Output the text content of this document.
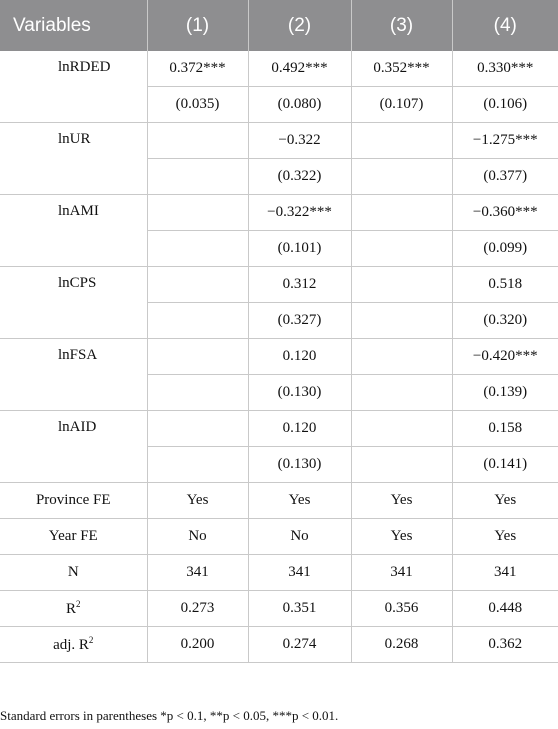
Variables	(1)	(2)	(3)	(4)
lnRDED	0.372***	0.492***	0.352***	0.330***
	(0.035)	(0.080)	(0.107)	(0.106)
lnUR		−0.322		−1.275***
		(0.322)		(0.377)
lnAMI		−0.322***		−0.360***
		(0.101)		(0.099)
lnCPS		0.312		0.518
		(0.327)		(0.320)
lnFSA		0.120		−0.420***
		(0.130)		(0.139)
lnAID		0.120		0.158
		(0.130)		(0.141)
Province FE	Yes	Yes	Yes	Yes
Year FE	No	No	Yes	Yes
N	341	341	341	341
$R^2$	0.273	0.351	0.356	0.448
adj. $R^2$	0.200	0.274	0.268	0.362
Standard errors in parentheses *p < 0.1, **p < 0.05, ***p < 0.01.
